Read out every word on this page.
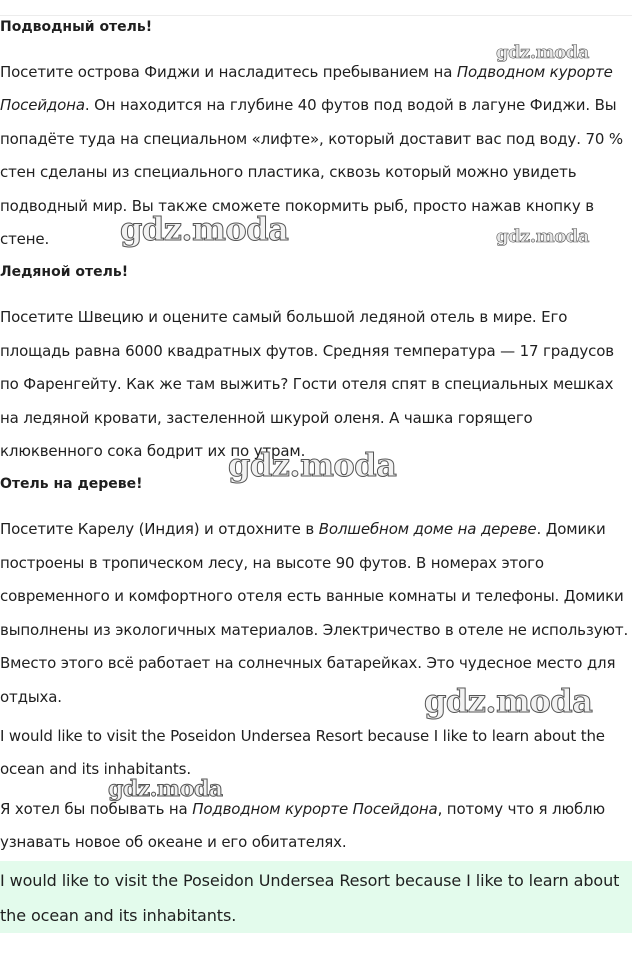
Подводный отель!

Посетите острова Фиджи и насладитесь пребыванием на Подводном курорте Посейдона. Он находится на глубине 40 футов под водой в лагуне Фиджи. Вы попадёте туда на специальном «лифте», который доставит вас под воду. 70 % стен сделаны из специального пластика, сквозь который можно увидеть подводный мир. Вы также сможете покормить рыб, просто нажав кнопку в стене.

Ледяной отель!

Посетите Швецию и оцените самый большой ледяной отель в мире. Его площадь равна 6000 квадратных футов. Средняя температура — 17 градусов по Фаренгейту. Как же там выжить? Гости отеля спят в специальных мешках на ледяной кровати, застеленной шкурой оленя. А чашка горящего клюквенного сока бодрит их по утрам.

Отель на дереве!

Посетите Карелу (Индия) и отдохните в Волшебном доме на дереве. Домики построены в тропическом лесу, на высоте 90 футов. В номерах этого современного и комфортного отеля есть ванные комнаты и телефоны. Домики выполнены из экологичных материалов. Электричество в отеле не используют. Вместо этого всё работает на солнечных батарейках. Это чудесное место для отдыха.

I would like to visit the Poseidon Undersea Resort because I like to learn about the ocean and its inhabitants.

Я хотел бы побывать на Подводном курорте Посейдона, потому что я люблю узнавать новое об океане и его обитателях.

I would like to visit the Poseidon Undersea Resort because I like to learn about the ocean and its inhabitants.
gdz.moda
gdz.moda	gdz.moda
gdz.moda
gdz.moda
gdz.moda
